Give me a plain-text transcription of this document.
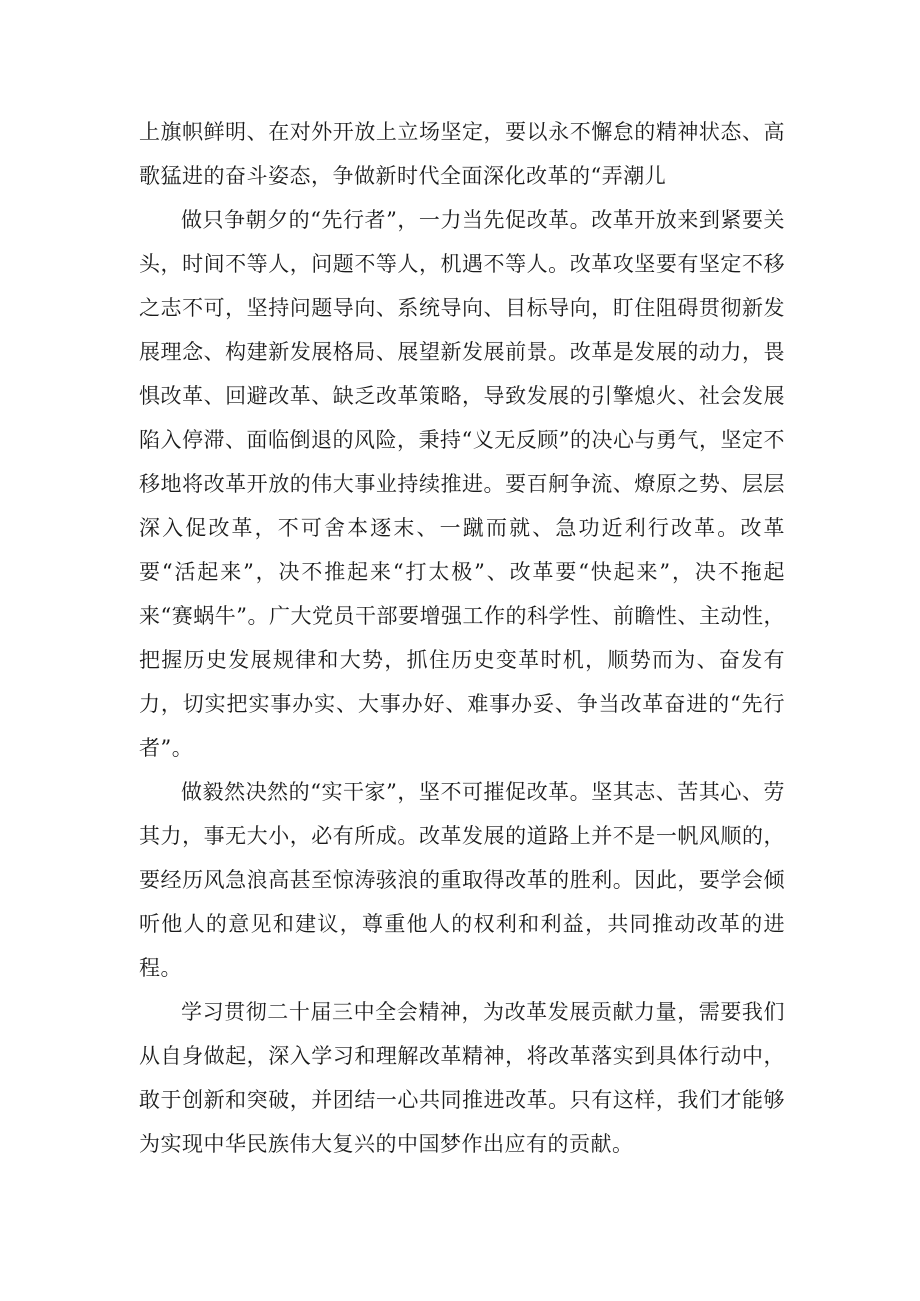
上旗帜鲜明、在对外开放上立场坚定，要以永不懈怠的精神状态、高歌猛进的奋斗姿态，争做新时代全面深化改革的“弄潮儿

做只争朝夕的“先行者”，一力当先促改革。改革开放来到紧要关头，时间不等人，问题不等人，机遇不等人。改革攻坚要有坚定不移之志不可，坚持问题导向、系统导向、目标导向，盯住阻碍贯彻新发展理念、构建新发展格局、展望新发展前景。改革是发展的动力，畏惧改革、回避改革、缺乏改革策略，导致发展的引擎熄火、社会发展陷入停滞、面临倒退的风险，秉持“义无反顾”的决心与勇气，坚定不移地将改革开放的伟大事业持续推进。要百舸争流、燎原之势、层层深入促改革，不可舍本逐末、一蹴而就、急功近利行改革。改革要“活起来”，决不推起来“打太极”、改革要“快起来”，决不拖起来“赛蜗牛”。广大党员干部要增强工作的科学性、前瞻性、主动性，把握历史发展规律和大势，抓住历史变革时机，顺势而为、奋发有力，切实把实事办实、大事办好、难事办妥、争当改革奋进的“先行者”。

做毅然决然的“实干家”，坚不可摧促改革。坚其志、苦其心、劳其力，事无大小，必有所成。改革发展的道路上并不是一帆风顺的，要经历风急浪高甚至惊涛骇浪的重取得改革的胜利。因此，要学会倾听他人的意见和建议，尊重他人的权利和利益，共同推动改革的进程。

学习贯彻二十届三中全会精神，为改革发展贡献力量，需要我们从自身做起，深入学习和理解改革精神，将改革落实到具体行动中，敢于创新和突破，并团结一心共同推进改革。只有这样，我们才能够为实现中华民族伟大复兴的中国梦作出应有的贡献。
